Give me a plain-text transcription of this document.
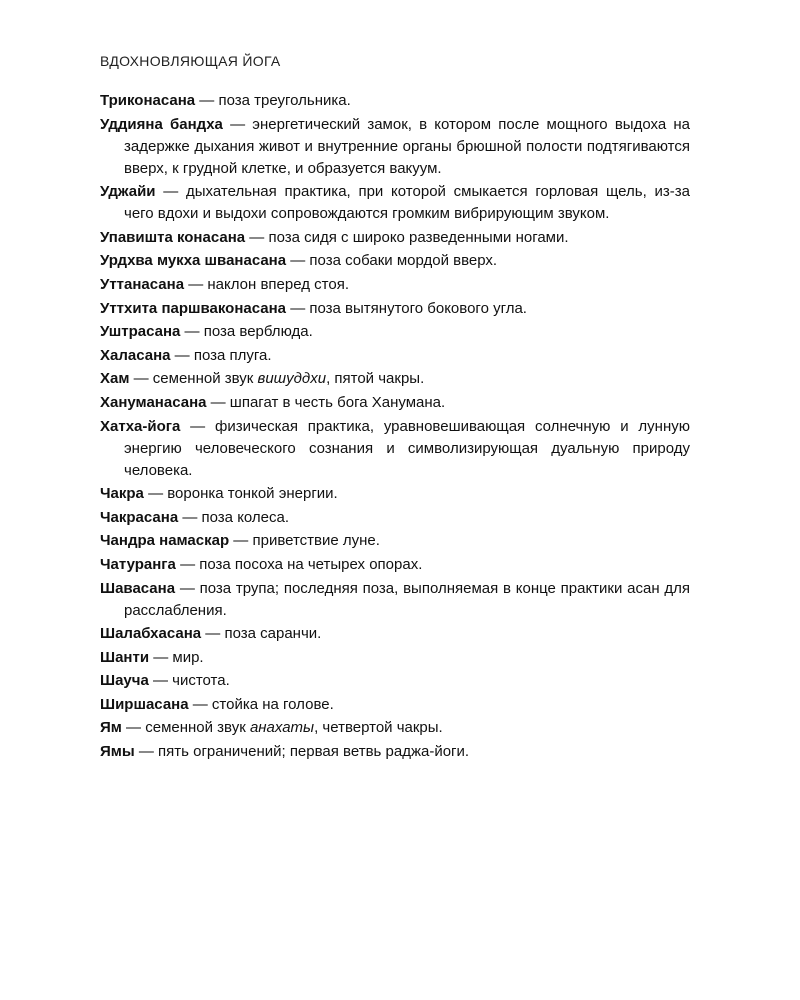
ВДОХНОВЛЯЮЩАЯ ЙОГА
Триконасана — поза треугольника.
Уддияна бандха — энергетический замок, в котором после мощного выдоха на задержке дыхания живот и внутренние органы брюшной полости подтягиваются вверх, к грудной клетке, и образуется вакуум.
Уджайи — дыхательная практика, при которой смыкается горловая щель, из-за чего вдохи и выдохи сопровождаются громким вибрирующим звуком.
Упавишта конасана — поза сидя с широко разведенными ногами.
Урдхва мукха шванасана — поза собаки мордой вверх.
Уттанасана — наклон вперед стоя.
Уттхита паршваконасана — поза вытянутого бокового угла.
Уштрасана — поза верблюда.
Халасана — поза плуга.
Хам — семенной звук вишуддхи, пятой чакры.
Хануманасана — шпагат в честь бога Ханумана.
Хатха-йога — физическая практика, уравновешивающая солнечную и лунную энергию человеческого сознания и символизирующая дуальную природу человека.
Чакра — воронка тонкой энергии.
Чакрасана — поза колеса.
Чандра намаскар — приветствие луне.
Чатуранга — поза посоха на четырех опорах.
Шавасана — поза трупа; последняя поза, выполняемая в конце практики асан для расслабления.
Шалабхасана — поза саранчи.
Шанти — мир.
Шауча — чистота.
Ширшасана — стойка на голове.
Ям — семенной звук анахаты, четвертой чакры.
Ямы — пять ограничений; первая ветвь раджа-йоги.
